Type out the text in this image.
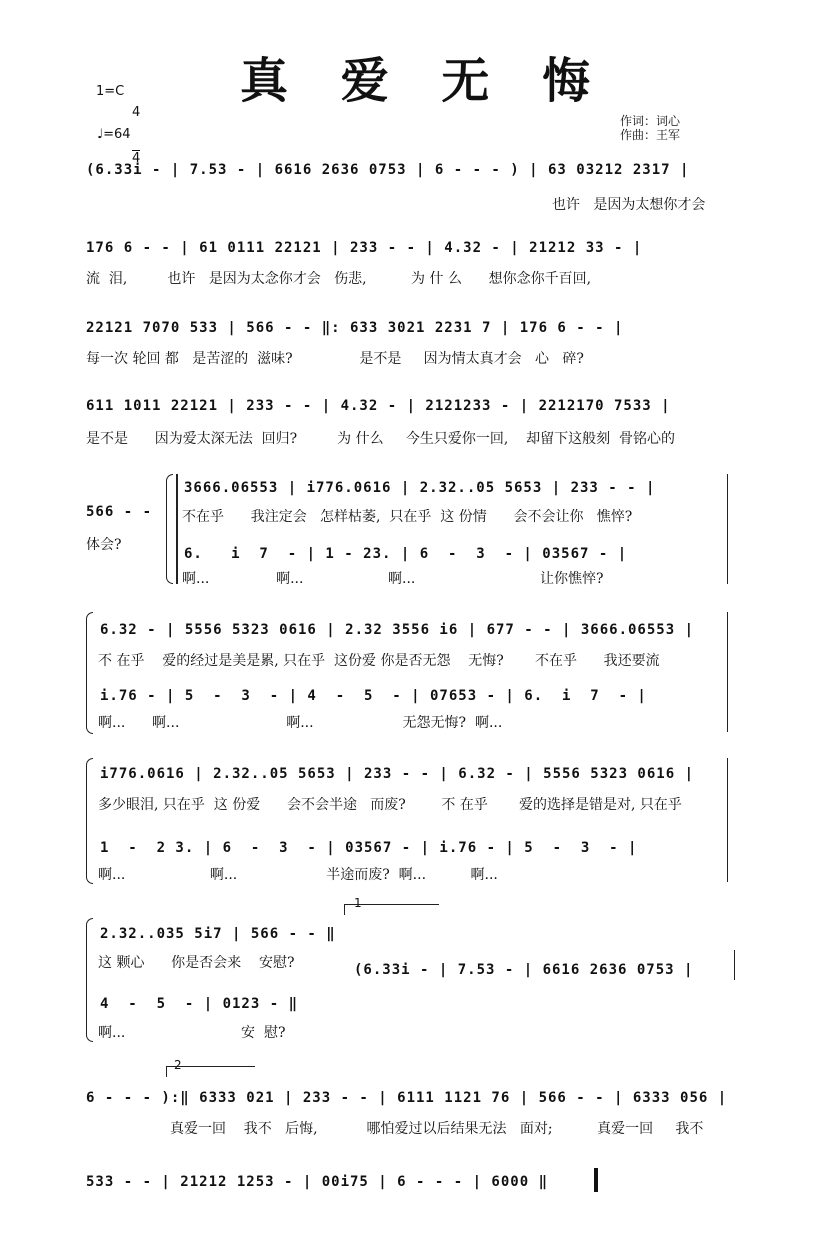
真 爱 无 悔
1=C

4

4

♩=64
作词：词心
作曲：王军
(6.33i - | 7.53 - | 6616 2636 0753 | 6 - - - ) | 63 03212 2317 |
也许   是因为太想你才会
176 6 - - | 61 0111 22121 | 233 - - | 4.32 - | 21212 33 - |
流  泪,         也许   是因为太念你才会   伤悲,          为 什 么      想你念你千百回,
22121 7070 533 | 566 - - ‖: 633 3021 2231 7 | 176 6 - - |
每一次 轮回 都   是苦涩的  滋味?               是不是     因为情太真才会   心   碎?
611 1011 22121 | 233 - - | 4.32 - | 2121233 - | 2212170 7533 |
是不是      因为爱太深无法  回归?         为 什么     今生只爱你一回,    却留下这般刻  骨铭心的
566 - -
体会?
3666.06553 | i776.0616 | 2.32..05 5653 | 233 - - |
不在乎      我注定会   怎样枯萎,  只在乎  这 份情      会不会让你   憔悴?
6.   i  7  - | 1 - 23. | 6  -  3  - | 03567 - |
啊...               啊...                   啊...                            让你憔悴?
6.32 - | 5556 5323 0616 | 2.32 3556 i6 | 677 - - | 3666.06553 |
不 在乎    爱的经过是美是累, 只在乎  这份爱 你是否无怨    无悔?       不在乎      我还要流
i.76 - | 5  -  3  - | 4  -  5  - | 07653 - | 6.  i  7  - |
啊...      啊...                        啊...                    无怨无悔?  啊...
i776.0616 | 2.32..05 5653 | 233 - - | 6.32 - | 5556 5323 0616 |
多少眼泪, 只在乎  这 份爱      会不会半途   而废?        不 在乎       爱的选择是错是对, 只在乎
1  -  2 3. | 6  -  3  - | 03567 - | i.76 - | 5  -  3  - |
啊...                   啊...                    半途而废?  啊...          啊...
2.32..035 5i7 | 566 - - ‖
这 颗心      你是否会来    安慰?
4  -  5  - | 0123 - ‖
啊...                          安  慰?
1
(6.33i - | 7.53 - | 6616 2636 0753 |
2
6 - - - ):‖ 6333 021 | 233 - - | 6111 1121 76 | 566 - - | 6333 056 |
真爱一回    我不   后悔,           哪怕爱过以后结果无法   面对;          真爱一回     我不
533 - - | 21212 1253 - | 00i75 | 6 - - - | 6000 ‖
